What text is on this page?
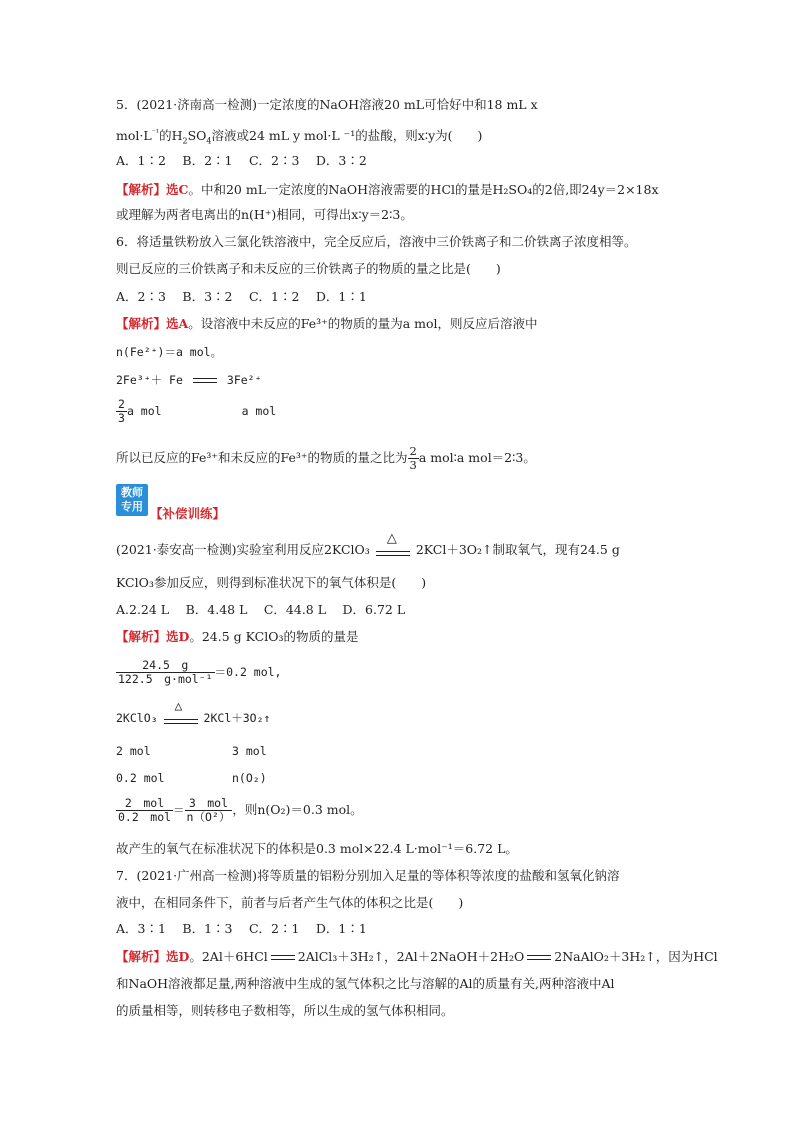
5．(2021·济南高一检测)一定浓度的NaOH溶液20 mL可恰好中和18 mL x
$mol\cdot L^{^{-1}}$的$H_2SO_4$溶液或24 mL y mol·L ⁻¹的盐酸，则x∶y为(　　)
A．1∶2　 B．2∶1　 C．2∶3　 D．3∶2
【解析】选C。中和20 mL一定浓度的NaOH溶液需要的HCl的量是H₂SO₄的2倍,即24y＝2×18x
或理解为两者电离出的n(H⁺)相同，可得出x∶y＝2∶3。
6．将适量铁粉放入三氯化铁溶液中，完全反应后，溶液中三价铁离子和二价铁离子浓度相等。
则已反应的三价铁离子和未反应的三价铁离子的物质的量之比是(　　)
A．2∶3　 B．3∶2　 C．1∶2　 D．1∶1
【解析】选A。设溶液中未反应的Fe³⁺的物质的量为a mol，则反应后溶液中
n(Fe²⁺)＝a mol。
2Fe³⁺＋ Fe	3Fe²⁺
$\frac{2}{3}$ a mol	a mol
所以已反应的Fe³⁺和未反应的Fe³⁺的物质的量之比为 $\frac{2}{3}$ a mol∶a mol＝2∶3。
教师
专用 【补偿训练】
(2021·泰安高一检测)实验室利用反应2KClO₃
△
2KCl＋3O₂↑制取氧气，现有24.5 g
KClO₃参加反应，则得到标准状况下的氧气体积是(　　)
A.2.24 L　 B．4.48 L　 C．44.8 L　 D．6.72 L
【解析】选D。24.5 g KClO₃的物质的量是
$\frac{24.5 g}{\text{122.5　g·mol⁻¹}} =0.2$ mol,
2KClO₃
△
2KCl＋3O₂↑
2 mol	3 mol
0.2 mol	n(O₂)
$\frac{\text{2　mol}}{\text{0.2　mol}} = \frac{\text{3　mol}}{\text{n（O²）}}$ ，则n(O₂)＝0.3 mol。
故产生的氧气在标准状况下的体积是0.3 mol×22.4 L·mol⁻¹＝6.72 L。
7．(2021·广州高一检测)将等质量的铝粉分别加入足量的等体积等浓度的盐酸和氢氧化钠溶
液中，在相同条件下，前者与后者产生气体的体积之比是(　　)
A．3∶1　 B．1∶3　 C．2∶1　 D．1∶1
【解析】选D。2Al＋6HCl 2AlCl₃＋3H₂↑，2Al＋2NaOH＋2H₂O 2NaAlO₂＋3H₂↑，因为HCl
和NaOH溶液都足量,两种溶液中生成的氢气体积之比与溶解的Al的质量有关,两种溶液中Al
的质量相等，则转移电子数相等，所以生成的氢气体积相同。
